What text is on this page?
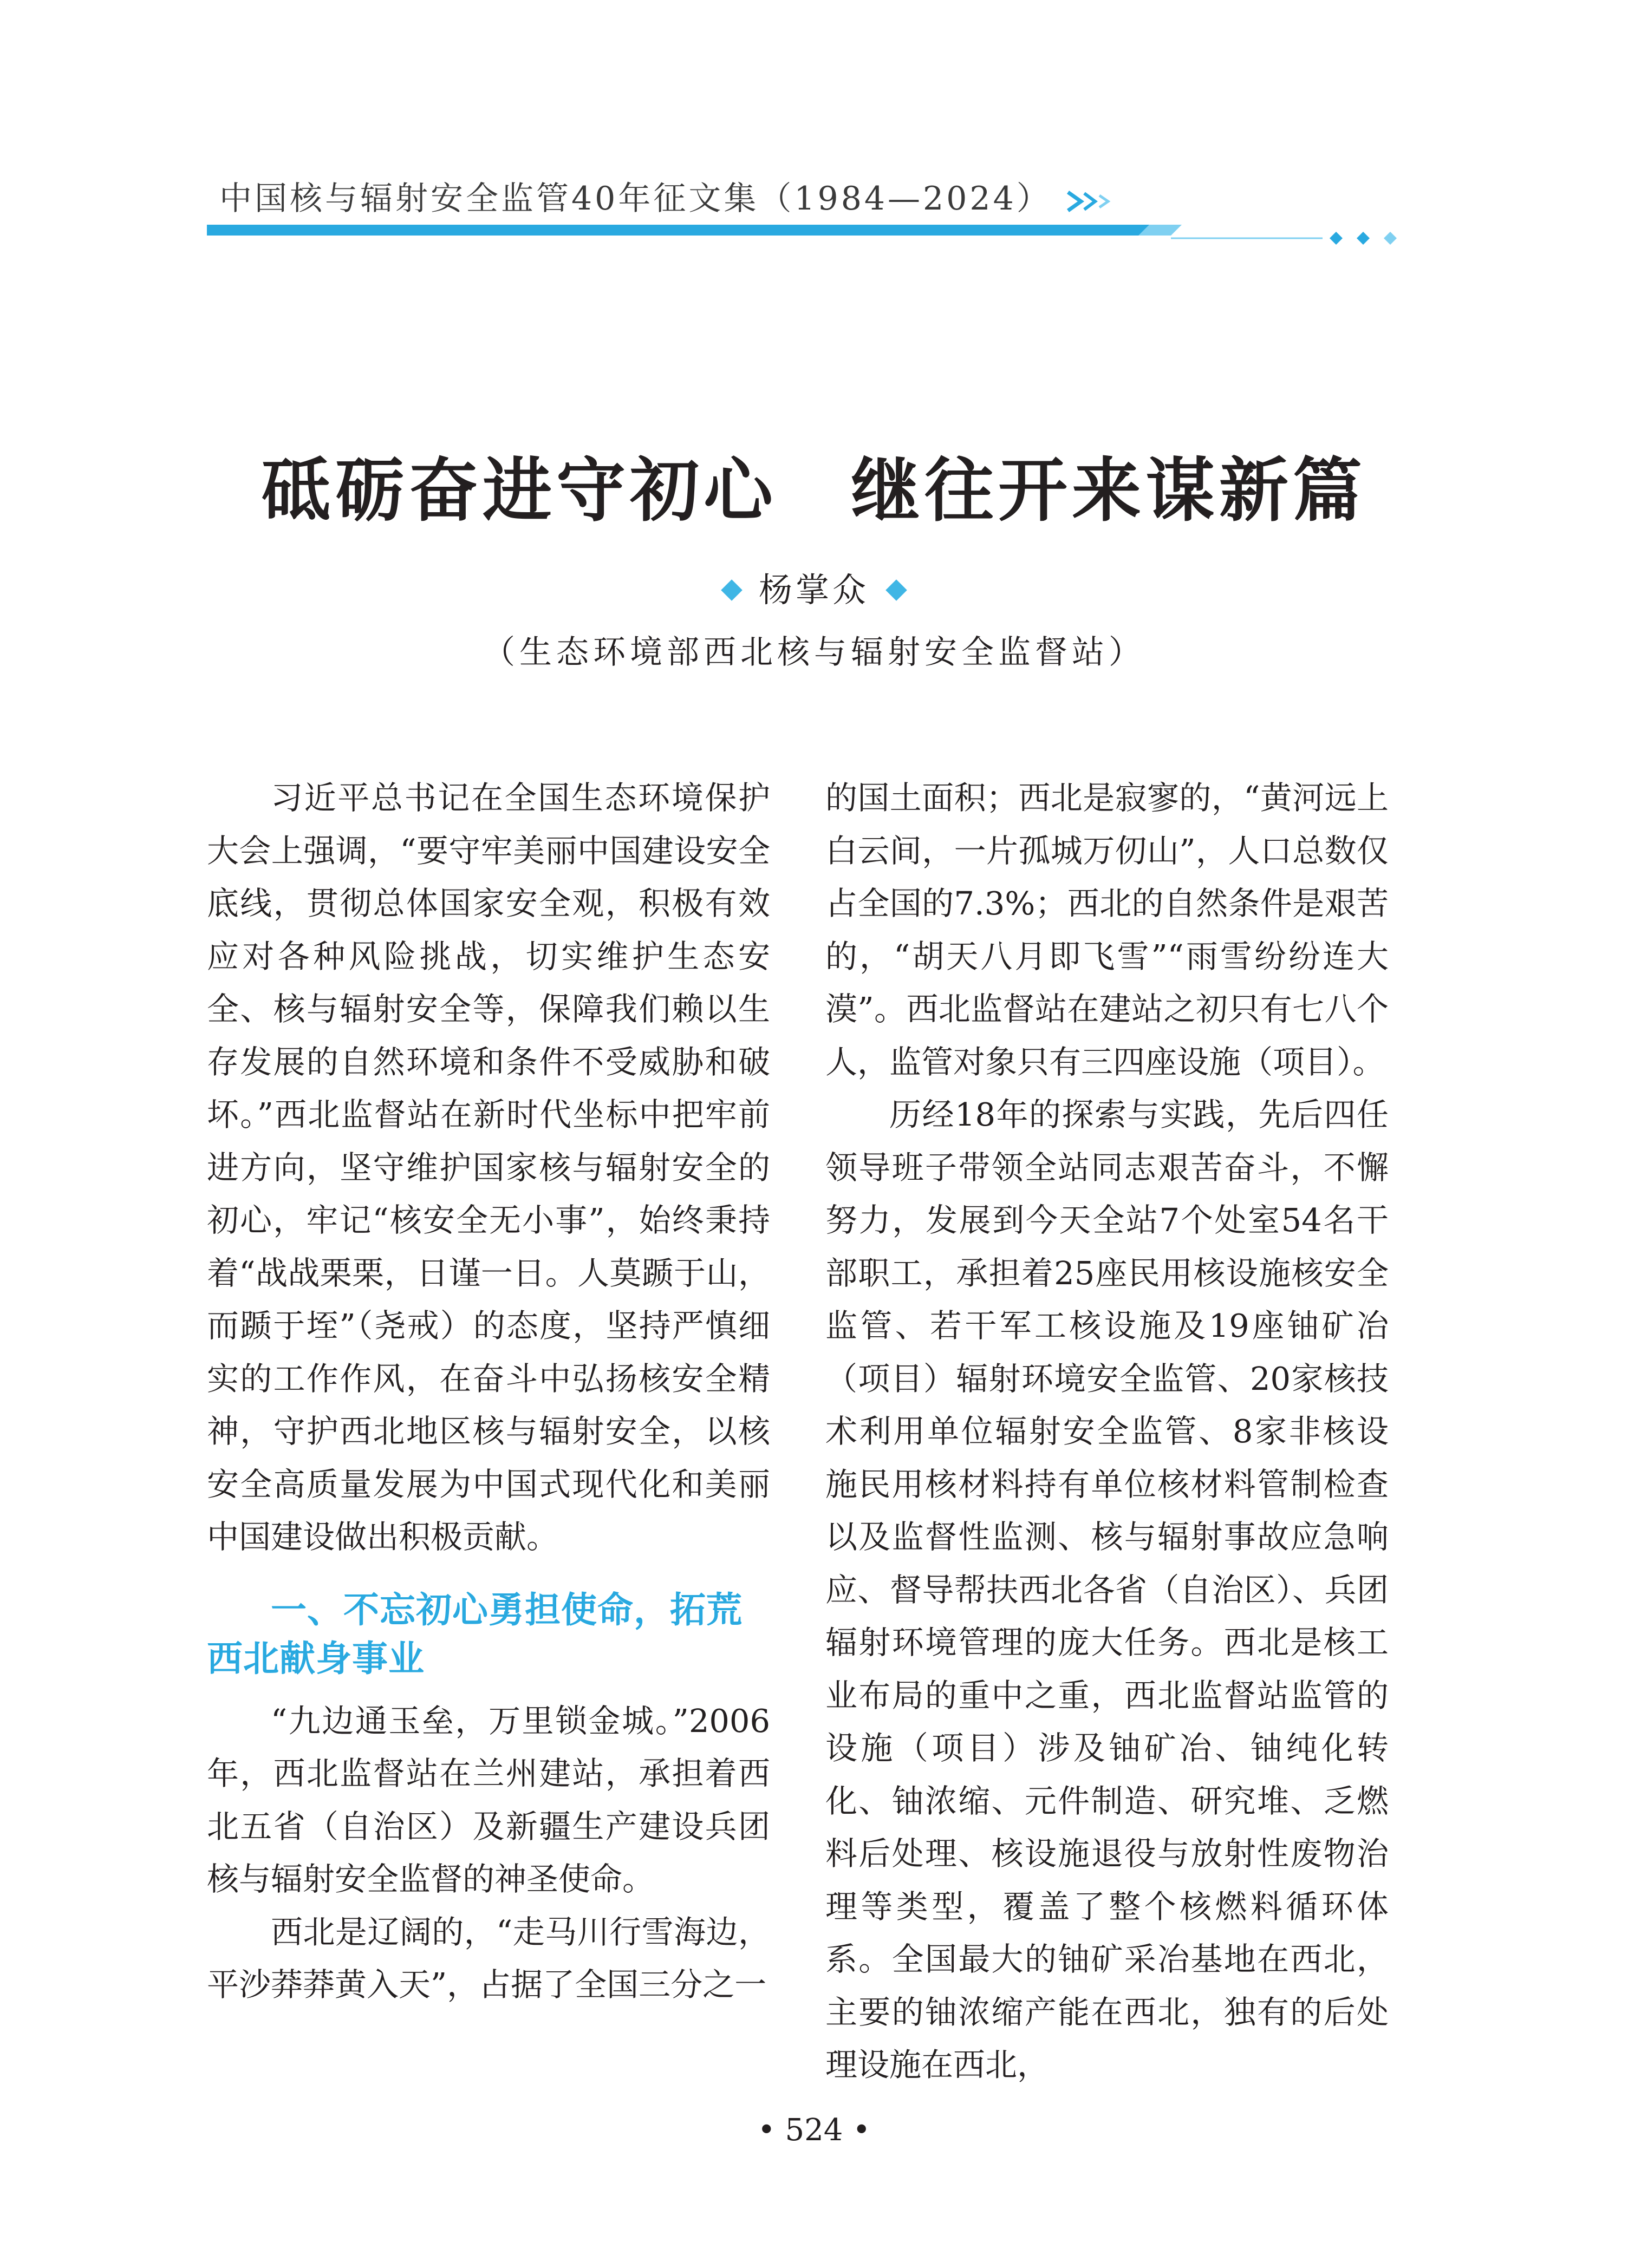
中国核与辐射安全监管40年征文集（1984—2024）
砥砺奋进守初心　继往开来谋新篇
杨掌众
（生态环境部西北核与辐射安全监督站）

习近平总书记在全国生态环境保护大会上强调，“要守牢美丽中国建设安全底线，贯彻总体国家安全观，积极有效应对各种风险挑战，切实维护生态安全、核与辐射安全等，保障我们赖以生存发展的自然环境和条件不受威胁和破坏。”西北监督站在新时代坐标中把牢前进方向，坚守维护国家核与辐射安全的初心，牢记“核安全无小事”，始终秉持着“战战栗栗，日谨一日。人莫踬于山，而踬于垤”（尧戒）的态度，坚持严慎细实的工作作风，在奋斗中弘扬核安全精神，守护西北地区核与辐射安全，以核安全高质量发展为中国式现代化和美丽中国建设做出积极贡献。

一、不忘初心勇担使命，拓荒西北献身事业

“九边通玉垒，万里锁金城。”2006年，西北监督站在兰州建站，承担着西北五省（自治区）及新疆生产建设兵团核与辐射安全监督的神圣使命。

西北是辽阔的，“走马川行雪海边，平沙莽莽黄入天”，占据了全国三分之一

的国土面积；西北是寂寥的，“黄河远上白云间，一片孤城万仞山”，人口总数仅占全国的7.3%；西北的自然条件是艰苦的，“胡天八月即飞雪”“雨雪纷纷连大漠”。西北监督站在建站之初只有七八个人，监管对象只有三四座设施（项目）。

历经18年的探索与实践，先后四任领导班子带领全站同志艰苦奋斗，不懈努力，发展到今天全站7个处室54名干部职工，承担着25座民用核设施核安全监管、若干军工核设施及19座铀矿冶（项目）辐射环境安全监管、20家核技术利用单位辐射安全监管、8家非核设施民用核材料持有单位核材料管制检查以及监督性监测、核与辐射事故应急响应、督导帮扶西北各省（自治区）、兵团辐射环境管理的庞大任务。西北是核工业布局的重中之重，西北监督站监管的设施（项目）涉及铀矿冶、铀纯化转化、铀浓缩、元件制造、研究堆、乏燃料后处理、核设施退役与放射性废物治理等类型，覆盖了整个核燃料循环体系。全国最大的铀矿采冶基地在西北，主要的铀浓缩产能在西北，独有的后处理设施在西北，

• 524 •
